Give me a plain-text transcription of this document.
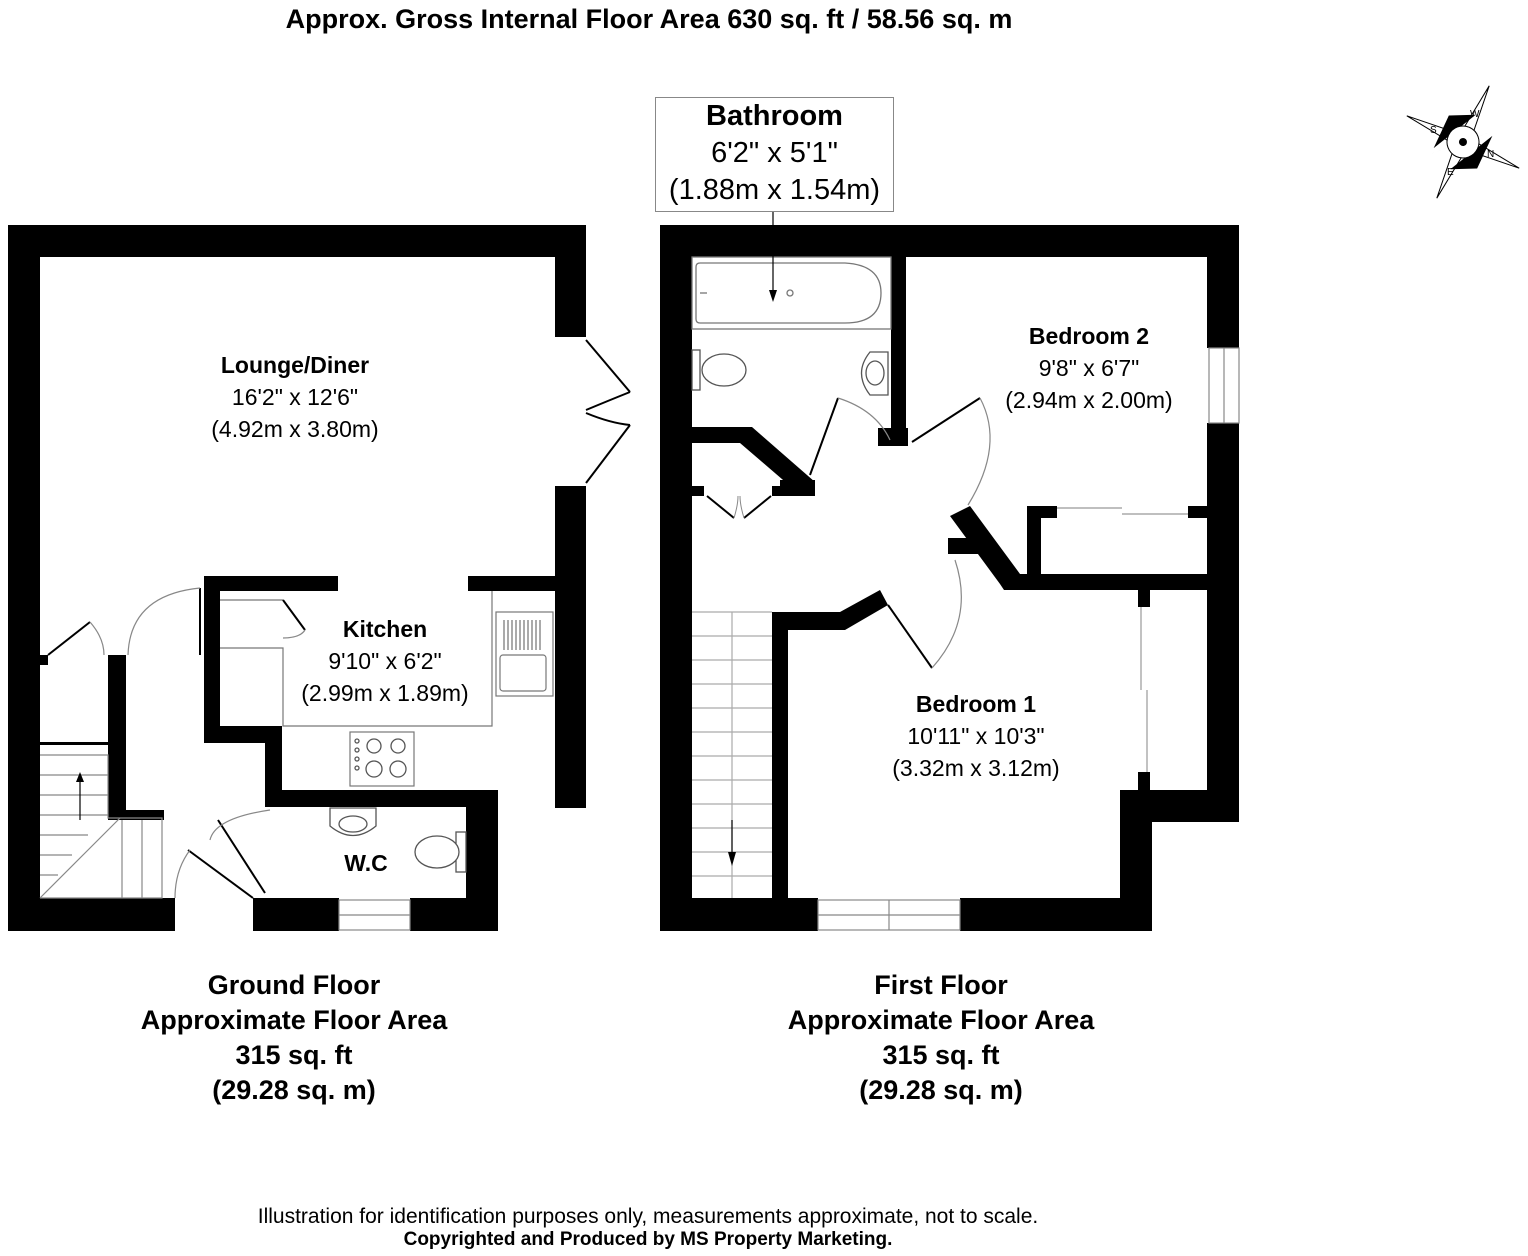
Approx. Gross Internal Floor Area 630 sq. ft / 58.56 sq. m
W
N
E
S
Lounge/Diner
16'2" x 12'6"
(4.92m x 3.80m)
Kitchen
9'10" x 6'2"
(2.99m x 1.89m)
W.C
Bathroom
6'2" x 5'1"
(1.88m x 1.54m)
Bedroom 2
9'8" x 6'7"
(2.94m x 2.00m)
Bedroom 1
10'11" x 10'3"
(3.32m x 3.12m)
Ground Floor
Approximate Floor Area
315 sq. ft
(29.28 sq. m)
First Floor
Approximate Floor Area
315 sq. ft
(29.28 sq. m)
Illustration for identification purposes only, measurements approximate, not to scale.
Copyrighted and Produced by MS Property Marketing.
